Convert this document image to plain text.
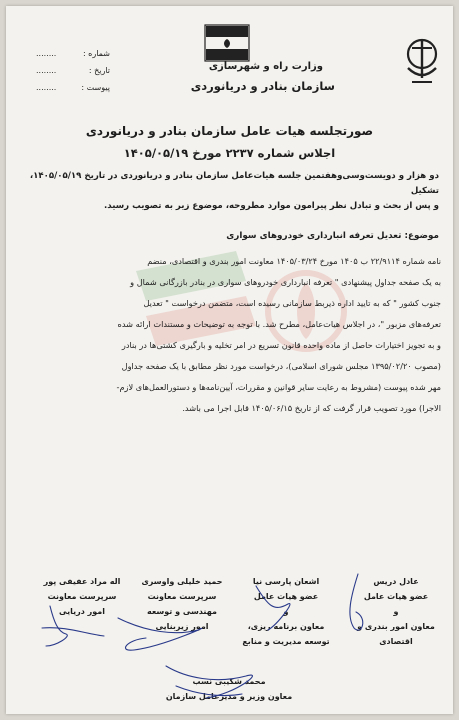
وزارت راه و شهرسازی
سازمان بنادر و دریانوردی
شماره :
........
تاریخ :
........
پیوست :
........
صورتجلسه هیات عامل سازمان بنادر و دریانوردی
اجلاس شماره ۲۲۳۷ مورخ ۱۴۰۵/۰۵/۱۹
دو هزار و دویست‌وسی‌وهفتمین جلسه هیات‌عامل سازمان بنادر و دریانوردی در تاریخ ۱۴۰۵/۰۵/۱۹، تشکیل
و پس از بحث و تبادل نظر پیرامون موارد مطروحه، موضوع زیر به تصویب رسید.
موضوع: تعدیل تعرفه انبارداری خودروهای سواری
نامه شماره ۲۲/۹۱۱۴ ب‌ ۱۴۰۵ مورخ ۱۴۰۵/۰۳/۲۴ معاونت امور بندری و اقتصادی، منضم
به یک صفحه جداول پیشنهادی " تعرفه انبارداری خودروهای سواری در بنادر بازرگانی شمال و
جنوب کشور " که به تایید اداره ذیربط سازمانی رسیده است، متضمن درخواست " تعدیل
تعرفه‌های مزبور "، در اجلاس هیات‌عامل، مطرح شد. با توجه به توضیحات و مستندات ارائه شده
و به تجویز اختیارات حاصل از ماده واحده قانون تسریع در امر تخلیه و بارگیری کشتی‌ها در بنادر
(مصوب ۱۳۹۵/۰۲/۲۰ مجلس شورای اسلامی)، درخواست مورد نظر مطابق با یک صفحه جداول
مهر شده پیوست (مشروط به رعایت سایر قوانین و مقررات، آیین‌نامه‌ها و دستورالعمل‌های لازم-
الاجرا) مورد تصویب قرار گرفت که از تاریخ ۱۴۰۵/۰۶/۱۵ قابل اجرا می باشد.
عادل دریس
عضو هیات عامل
و
معاون امور بندری و
اقتصادی
اشعان پارسی نیا
عضو هیات عامل
و
معاون برنامه ریزی،
توسعه مدیریت و منابع
حمید خلیلی واوسری
سرپرست معاونت
مهندسی و توسعه
امور زیربنایی
اله مراد عفیفی پور
سرپرست معاونت
امور دریایی
محمد شکیبی نسب
معاون وزیر و مدیرعامل سازمان
